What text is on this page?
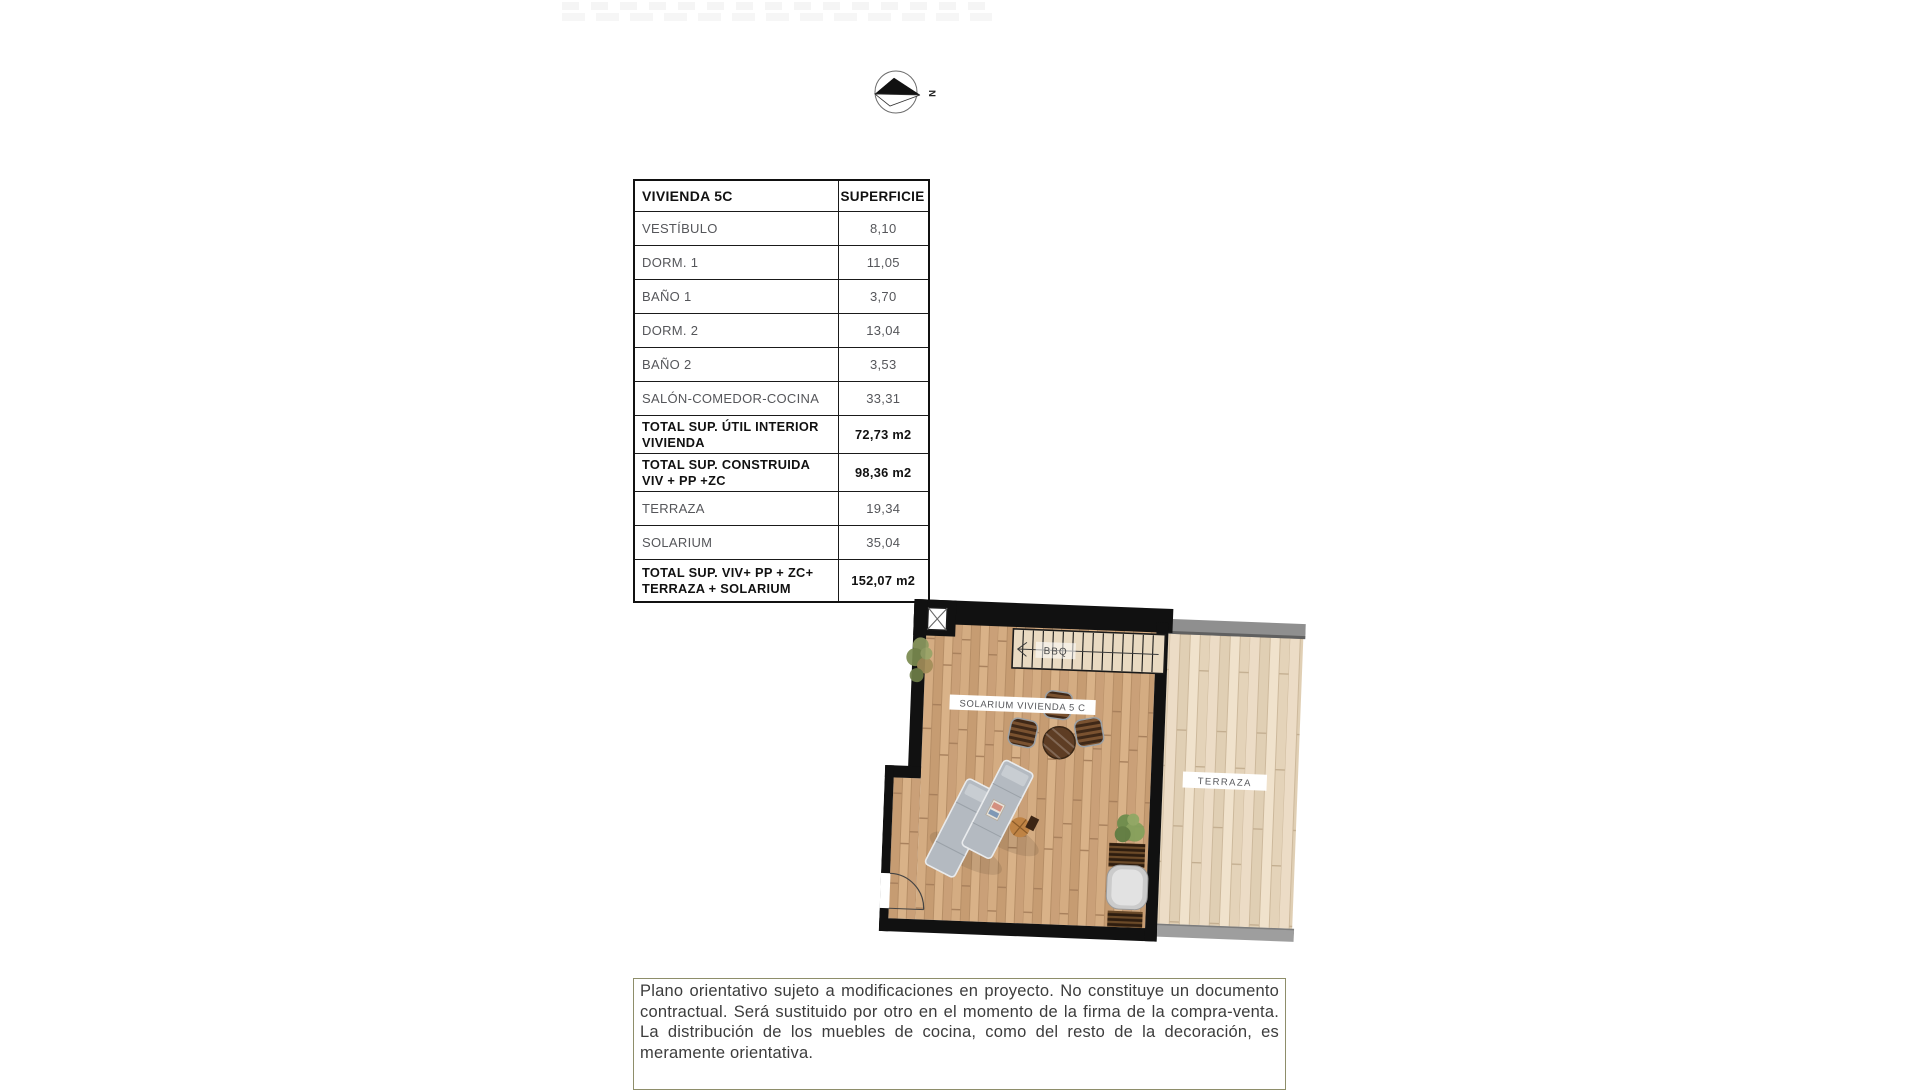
N
VIVIENDA 5C	SUPERFICIE
VESTÍBULO	8,10
DORM. 1	11,05
BAÑO 1	3,70
DORM. 2	13,04
BAÑO 2	3,53
SALÓN-COMEDOR-COCINA	33,31
TOTAL SUP. ÚTIL INTERIOR VIVIENDA	72,73 m2
TOTAL SUP. CONSTRUIDA VIV + PP +ZC	98,36 m2
TERRAZA	19,34
SOLARIUM	35,04
TOTAL SUP. VIV+ PP + ZC+ TERRAZA + SOLARIUM	152,07 m2
BBQ
SOLARIUM VIVIENDA 5 C
TERRAZA
Plano orientativo sujeto a modificaciones en proyecto. No constituye un documento contractual. Será sustituido por otro en el momento de la firma de la compra-venta. La distribución de los muebles de cocina, como del resto de la decoración, es meramente orientativa.
